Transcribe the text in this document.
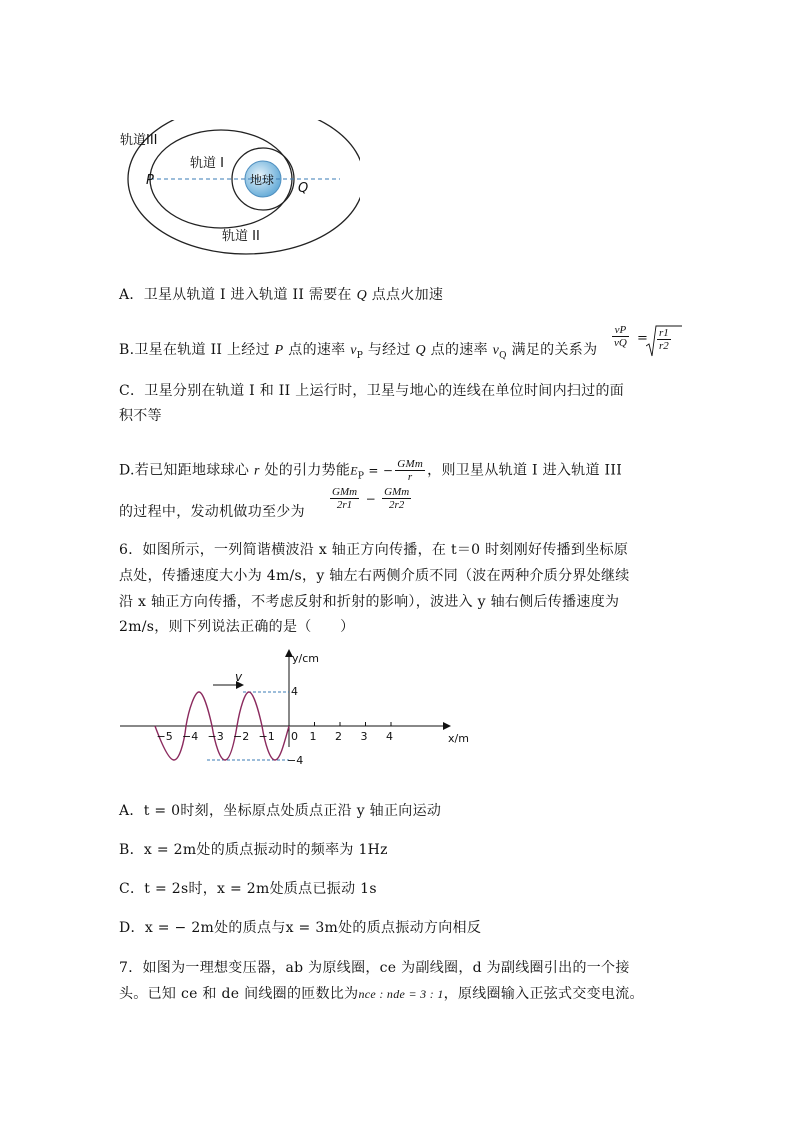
轨道III
轨道 I
轨道 II
地球
P
Q
A．卫星从轨道 I 进入轨道 II 需要在 Q 点点火加速
B.卫星在轨道 II 上经过 P 点的速率 $v_P$ 与经过 Q 点的速率 $v_Q$ 满足的关系为
$\frac{vP}{vQ} = \frac{r1}{r2}$
C．卫星分别在轨道 I 和 II 上运行时，卫星与地心的连线在单位时间内扫过的面
积不等
D.若已知距地球球心 r 处的引力势能$E_P$ = − $\frac{\text{GMm}}{r}$ ，则卫星从轨道 I 进入轨道 III
的过程中，发动机做功至少为
$\frac{\text{GMm}}{2r1} - \frac{\text{GMm}}{2r2}$
6．如图所示，一列简谐横波沿 x 轴正方向传播，在 t＝0 时刻刚好传播到坐标原
点处，传播速度大小为 4m/s，y 轴左右两侧介质不同（波在两种介质分界处继续
沿 x 轴正方向传播，不考虑反射和折射的影响），波进入 y 轴右侧后传播速度为
2m/s，则下列说法正确的是（　　）
v
y/cm
x/m
4
−4
−5 −4 −3 −2 −1 0 1 2 3 4
A．t = 0时刻，坐标原点处质点正沿 y 轴正向运动
B．x = 2m处的质点振动时的频率为 1Hz
C．t = 2s时，x = 2m处质点已振动 1s
D．x = − 2m处的质点与x = 3m处的质点振动方向相反
7．如图为一理想变压器，ab 为原线圈，ce 为副线圈，d 为副线圈引出的一个接
头。已知 ce 和 de 间线圈的匝数比为nce : nde = 3 : 1，原线圈输入正弦式交变电流。
